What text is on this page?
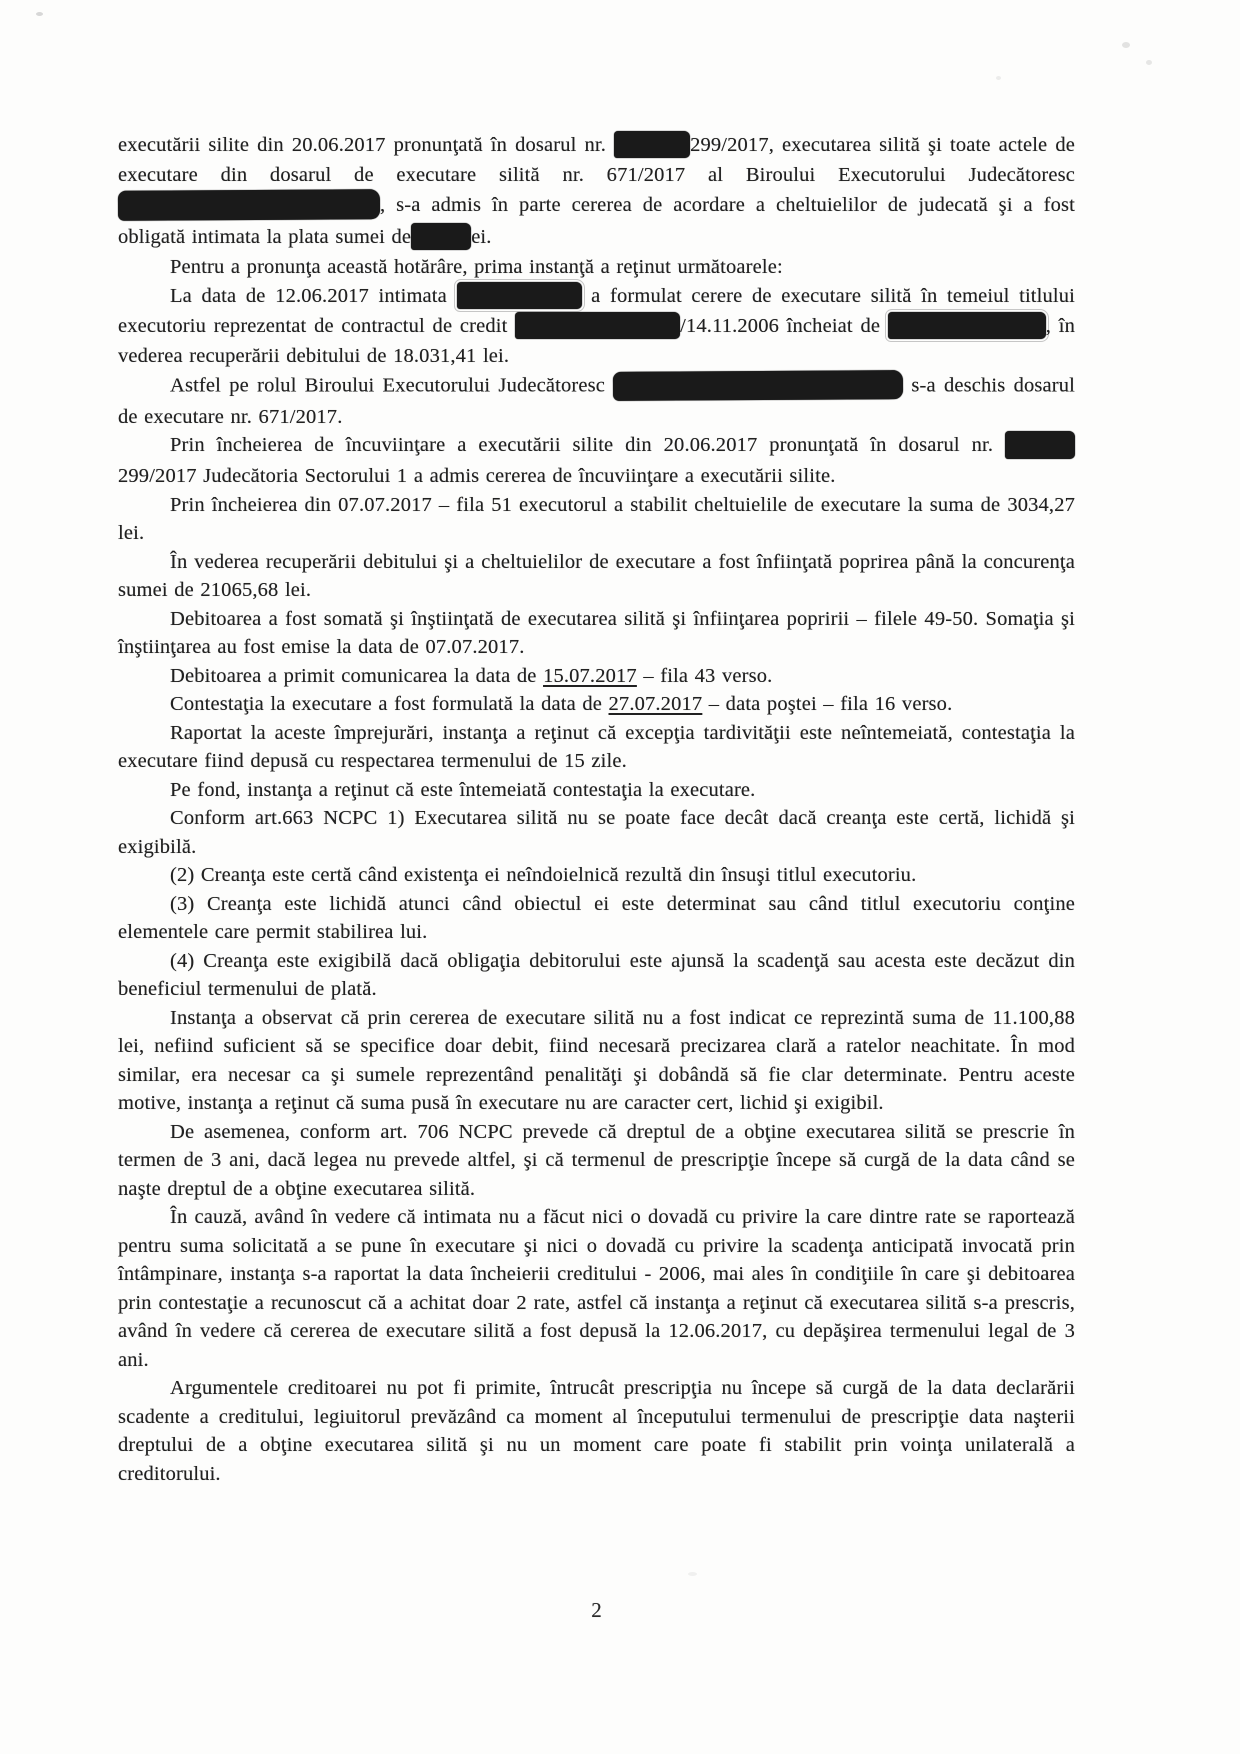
executării silite din 20.06.2017 pronunţată în dosarul nr.	299/2017, executarea silită şi toate actele de executare din dosarul de executare silită nr. 671/2017 al Biroului Executorului Judecătoresc , s-a admis în parte cererea de acordare a cheltuielilor de judecată şi a fost obligată intimata la plata sumei de	ei.

Pentru a pronunţa această hotărâre, prima instanţă a reţinut următoarele:

La data de 12.06.2017 intimata	a formulat cerere de executare silită în temeiul titlului executoriu reprezentat de contractul de credit	/14.11.2006 încheiat de	, în vederea recuperării debitului de 18.031,41 lei.

Astfel pe rolul Biroului Executorului Judecătoresc	s-a deschis dosarul de executare nr. 671/2017.

Prin încheierea de încuviinţare a executării silite din 20.06.2017 pronunţată în dosarul nr. 299/2017 Judecătoria Sectorului 1 a admis cererea de încuviinţare a executării silite.

Prin încheierea din 07.07.2017 – fila 51 executorul a stabilit cheltuielile de executare la suma de 3034,27 lei.

În vederea recuperării debitului şi a cheltuielilor de executare a fost înfiinţată poprirea până la concurenţa sumei de 21065,68 lei.

Debitoarea a fost somată şi înştiinţată de executarea silită şi înfiinţarea popririi – filele 49-50. Somaţia şi înştiinţarea au fost emise la data de 07.07.2017.

Debitoarea a primit comunicarea la data de 15.07.2017 – fila 43 verso.

Contestaţia la executare a fost formulată la data de 27.07.2017 – data poştei – fila 16 verso.

Raportat la aceste împrejurări, instanţa a reţinut că excepţia tardivităţii este neîntemeiată, contestaţia la executare fiind depusă cu respectarea termenului de 15 zile.

Pe fond, instanţa a reţinut că este întemeiată contestaţia la executare.

Conform art.663 NCPC 1) Executarea silită nu se poate face decât dacă creanţa este certă, lichidă şi exigibilă.

(2) Creanţa este certă când existenţa ei neîndoielnică rezultă din însuşi titlul executoriu.

(3) Creanţa este lichidă atunci când obiectul ei este determinat sau când titlul executoriu conţine elementele care permit stabilirea lui.

(4) Creanţa este exigibilă dacă obligaţia debitorului este ajunsă la scadenţă sau acesta este decăzut din beneficiul termenului de plată.

Instanţa a observat că prin cererea de executare silită nu a fost indicat ce reprezintă suma de 11.100,88 lei, nefiind suficient să se specifice doar debit, fiind necesară precizarea clară a ratelor neachitate. În mod similar, era necesar ca şi sumele reprezentând penalităţi şi dobândă să fie clar determinate. Pentru aceste motive, instanţa a reţinut că suma pusă în executare nu are caracter cert, lichid şi exigibil.

De asemenea, conform art. 706 NCPC prevede că dreptul de a obţine executarea silită se prescrie în termen de 3 ani, dacă legea nu prevede altfel, şi că termenul de prescripţie începe să curgă de la data când se naşte dreptul de a obţine executarea silită.

În cauză, având în vedere că intimata nu a făcut nici o dovadă cu privire la care dintre rate se raportează pentru suma solicitată a se pune în executare şi nici o dovadă cu privire la scadenţa anticipată invocată prin întâmpinare, instanţa s-a raportat la data încheierii creditului - 2006, mai ales în condiţiile în care şi debitoarea prin contestaţie a recunoscut că a achitat doar 2 rate, astfel că instanţa a reţinut că executarea silită s-a prescris, având în vedere că cererea de executare silită a fost depusă la 12.06.2017, cu depăşirea termenului legal de 3 ani.

Argumentele creditoarei nu pot fi primite, întrucât prescripţia nu începe să curgă de la data declarării scadente a creditului, legiuitorul prevăzând ca moment al începutului termenului de prescripţie data naşterii dreptului de a obţine executarea silită şi nu un moment care poate fi stabilit prin voinţa unilaterală a creditorului.

2
